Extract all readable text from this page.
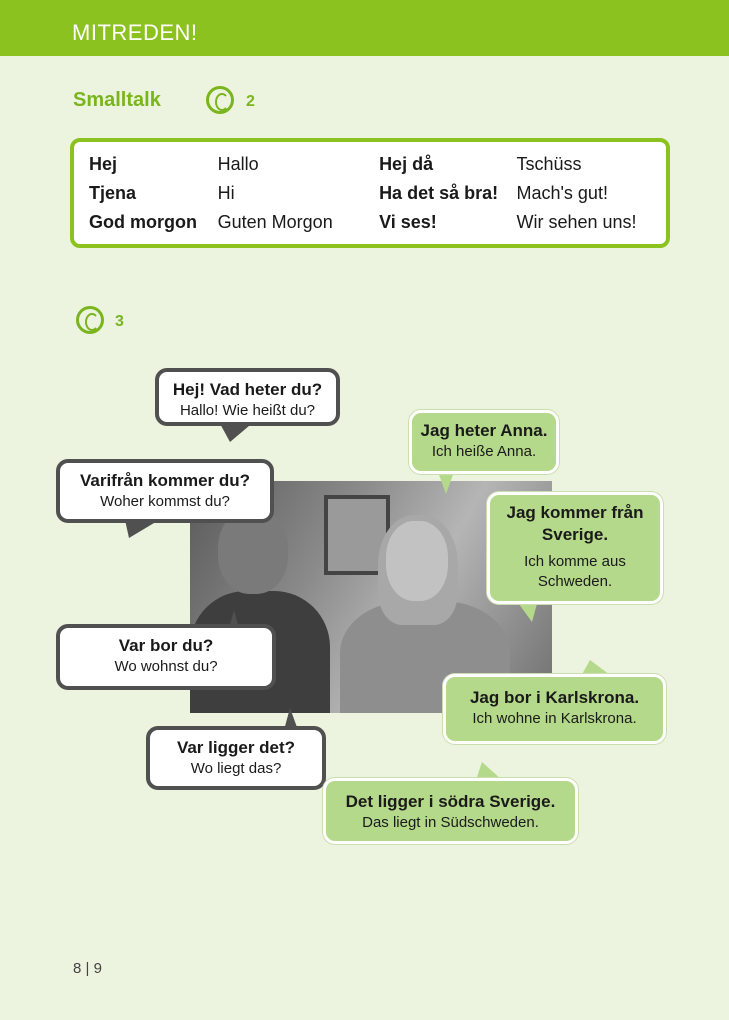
MITREDEN!
Smalltalk	2
Hej	Hallo	Hej då	Tschüss
Tjena	Hi	Ha det så bra!	Mach's gut!
God morgon	Guten Morgon	Vi ses!	Wir sehen uns!
3
Hej! Vad heter du?
Hallo! Wie heißt du?
Jag heter Anna.
Ich heiße Anna.
Varifrån kommer du?
Woher kommst du?
Jag kommer från Sverige.
Ich komme aus Schweden.
Var bor du?
Wo wohnst du?
Jag bor i Karlskrona.
Ich wohne in Karlskrona.
Var ligger det?
Wo liegt das?
Det ligger i södra Sverige.
Das liegt in Südschweden.
8 | 9
